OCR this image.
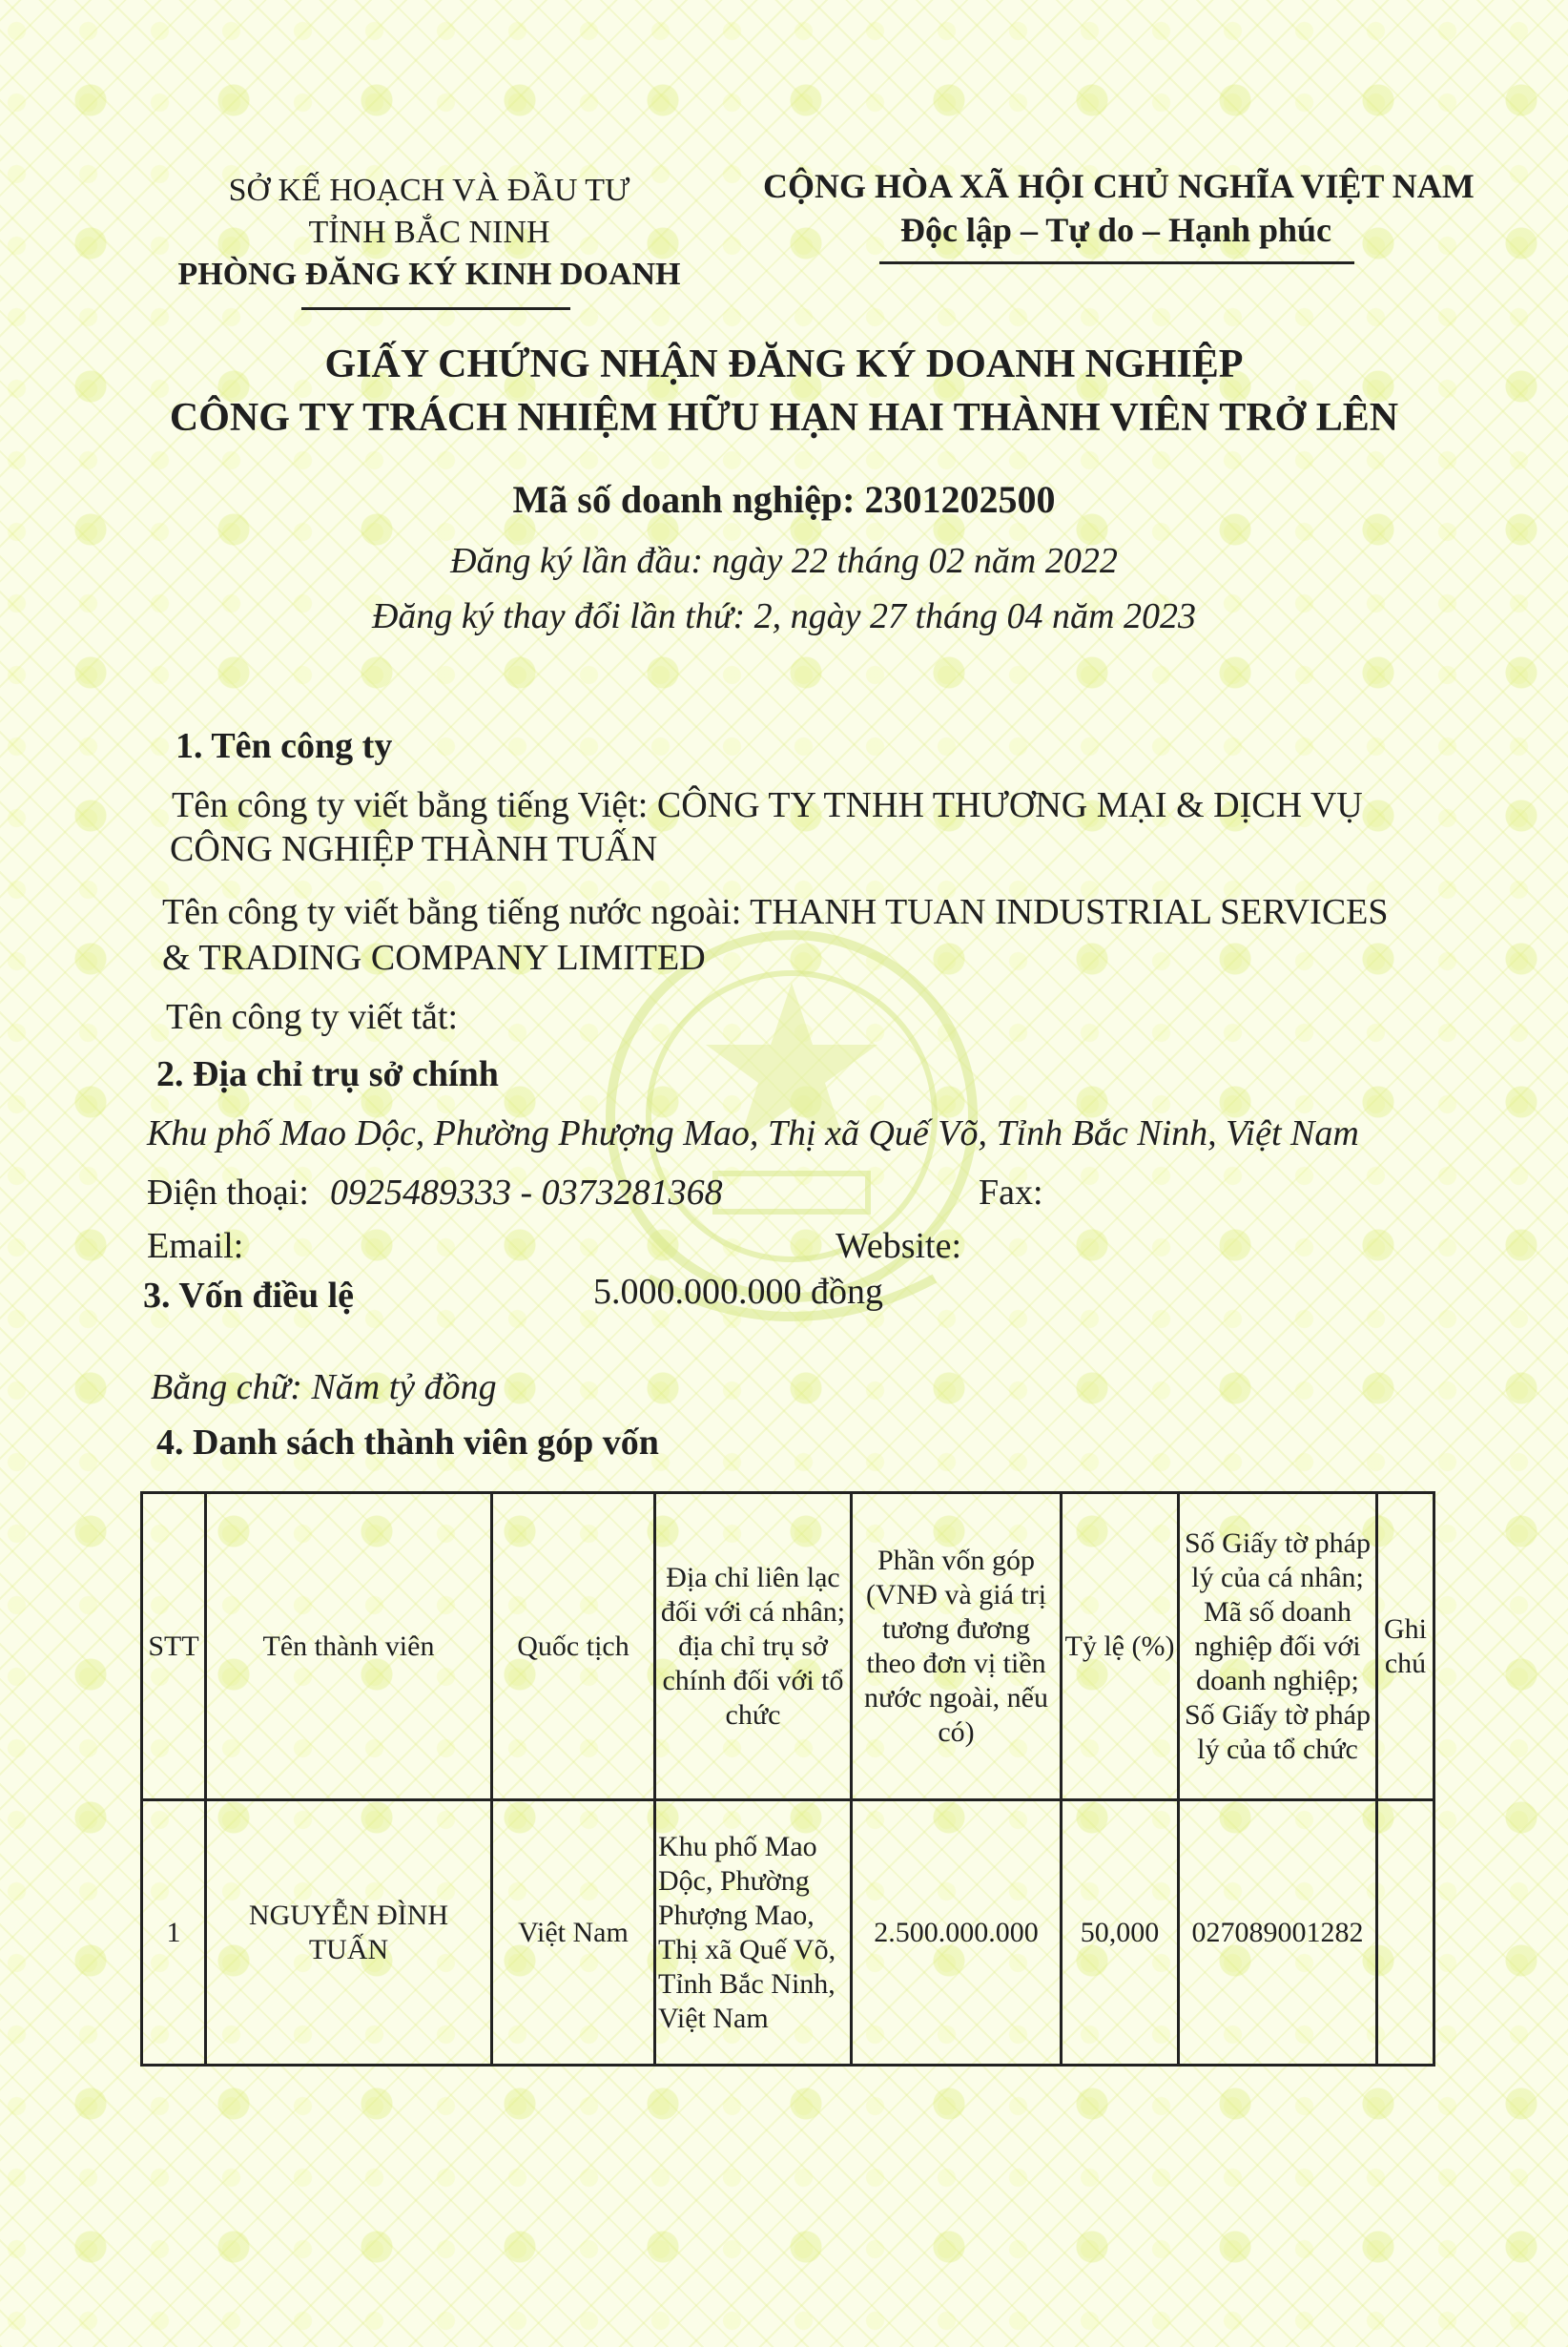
SỞ KẾ HOẠCH VÀ ĐẦU TƯ
TỈNH BẮC NINH
PHÒNG ĐĂNG KÝ KINH DOANH
CỘNG HÒA XÃ HỘI CHỦ NGHĨA VIỆT NAM
Độc lập – Tự do – Hạnh phúc
GIẤY CHỨNG NHẬN ĐĂNG KÝ DOANH NGHIỆP
CÔNG TY TRÁCH NHIỆM HỮU HẠN HAI THÀNH VIÊN TRỞ LÊN
Mã số doanh nghiệp: 2301202500
Đăng ký lần đầu: ngày 22 tháng 02 năm 2022
Đăng ký thay đổi lần thứ: 2, ngày 27 tháng 04 năm 2023
1. Tên công ty
Tên công ty viết bằng tiếng Việt: CÔNG TY TNHH THƯƠNG MẠI & DỊCH VỤ
CÔNG NGHIỆP THÀNH TUẤN
Tên công ty viết bằng tiếng nước ngoài: THANH TUAN INDUSTRIAL SERVICES
& TRADING COMPANY LIMITED
Tên công ty viết tắt:
2. Địa chỉ trụ sở chính
Khu phố Mao Dộc, Phường Phượng Mao, Thị xã Quế Võ, Tỉnh Bắc Ninh, Việt Nam
Điện thoại: 0925489333 - 0373281368	Fax:
Email:	Website:
3. Vốn điều lệ	5.000.000.000 đồng
Bằng chữ: Năm tỷ đồng
4. Danh sách thành viên góp vốn
STT	Tên thành viên	Quốc tịch	Địa chỉ liên lạc đối với cá nhân; địa chỉ trụ sở chính đối với tổ chức	Phần vốn góp (VNĐ và giá trị tương đương theo đơn vị tiền nước ngoài, nếu có)	Tỷ lệ (%)	Số Giấy tờ pháp lý của cá nhân; Mã số doanh nghiệp đối với doanh nghiệp; Số Giấy tờ pháp lý của tổ chức	Ghi chú
1	NGUYỄN ĐÌNH TUẤN	Việt Nam	Khu phố Mao Dộc, Phường Phượng Mao, Thị xã Quế Võ, Tỉnh Bắc Ninh, Việt Nam	2.500.000.000	50,000	027089001282	
